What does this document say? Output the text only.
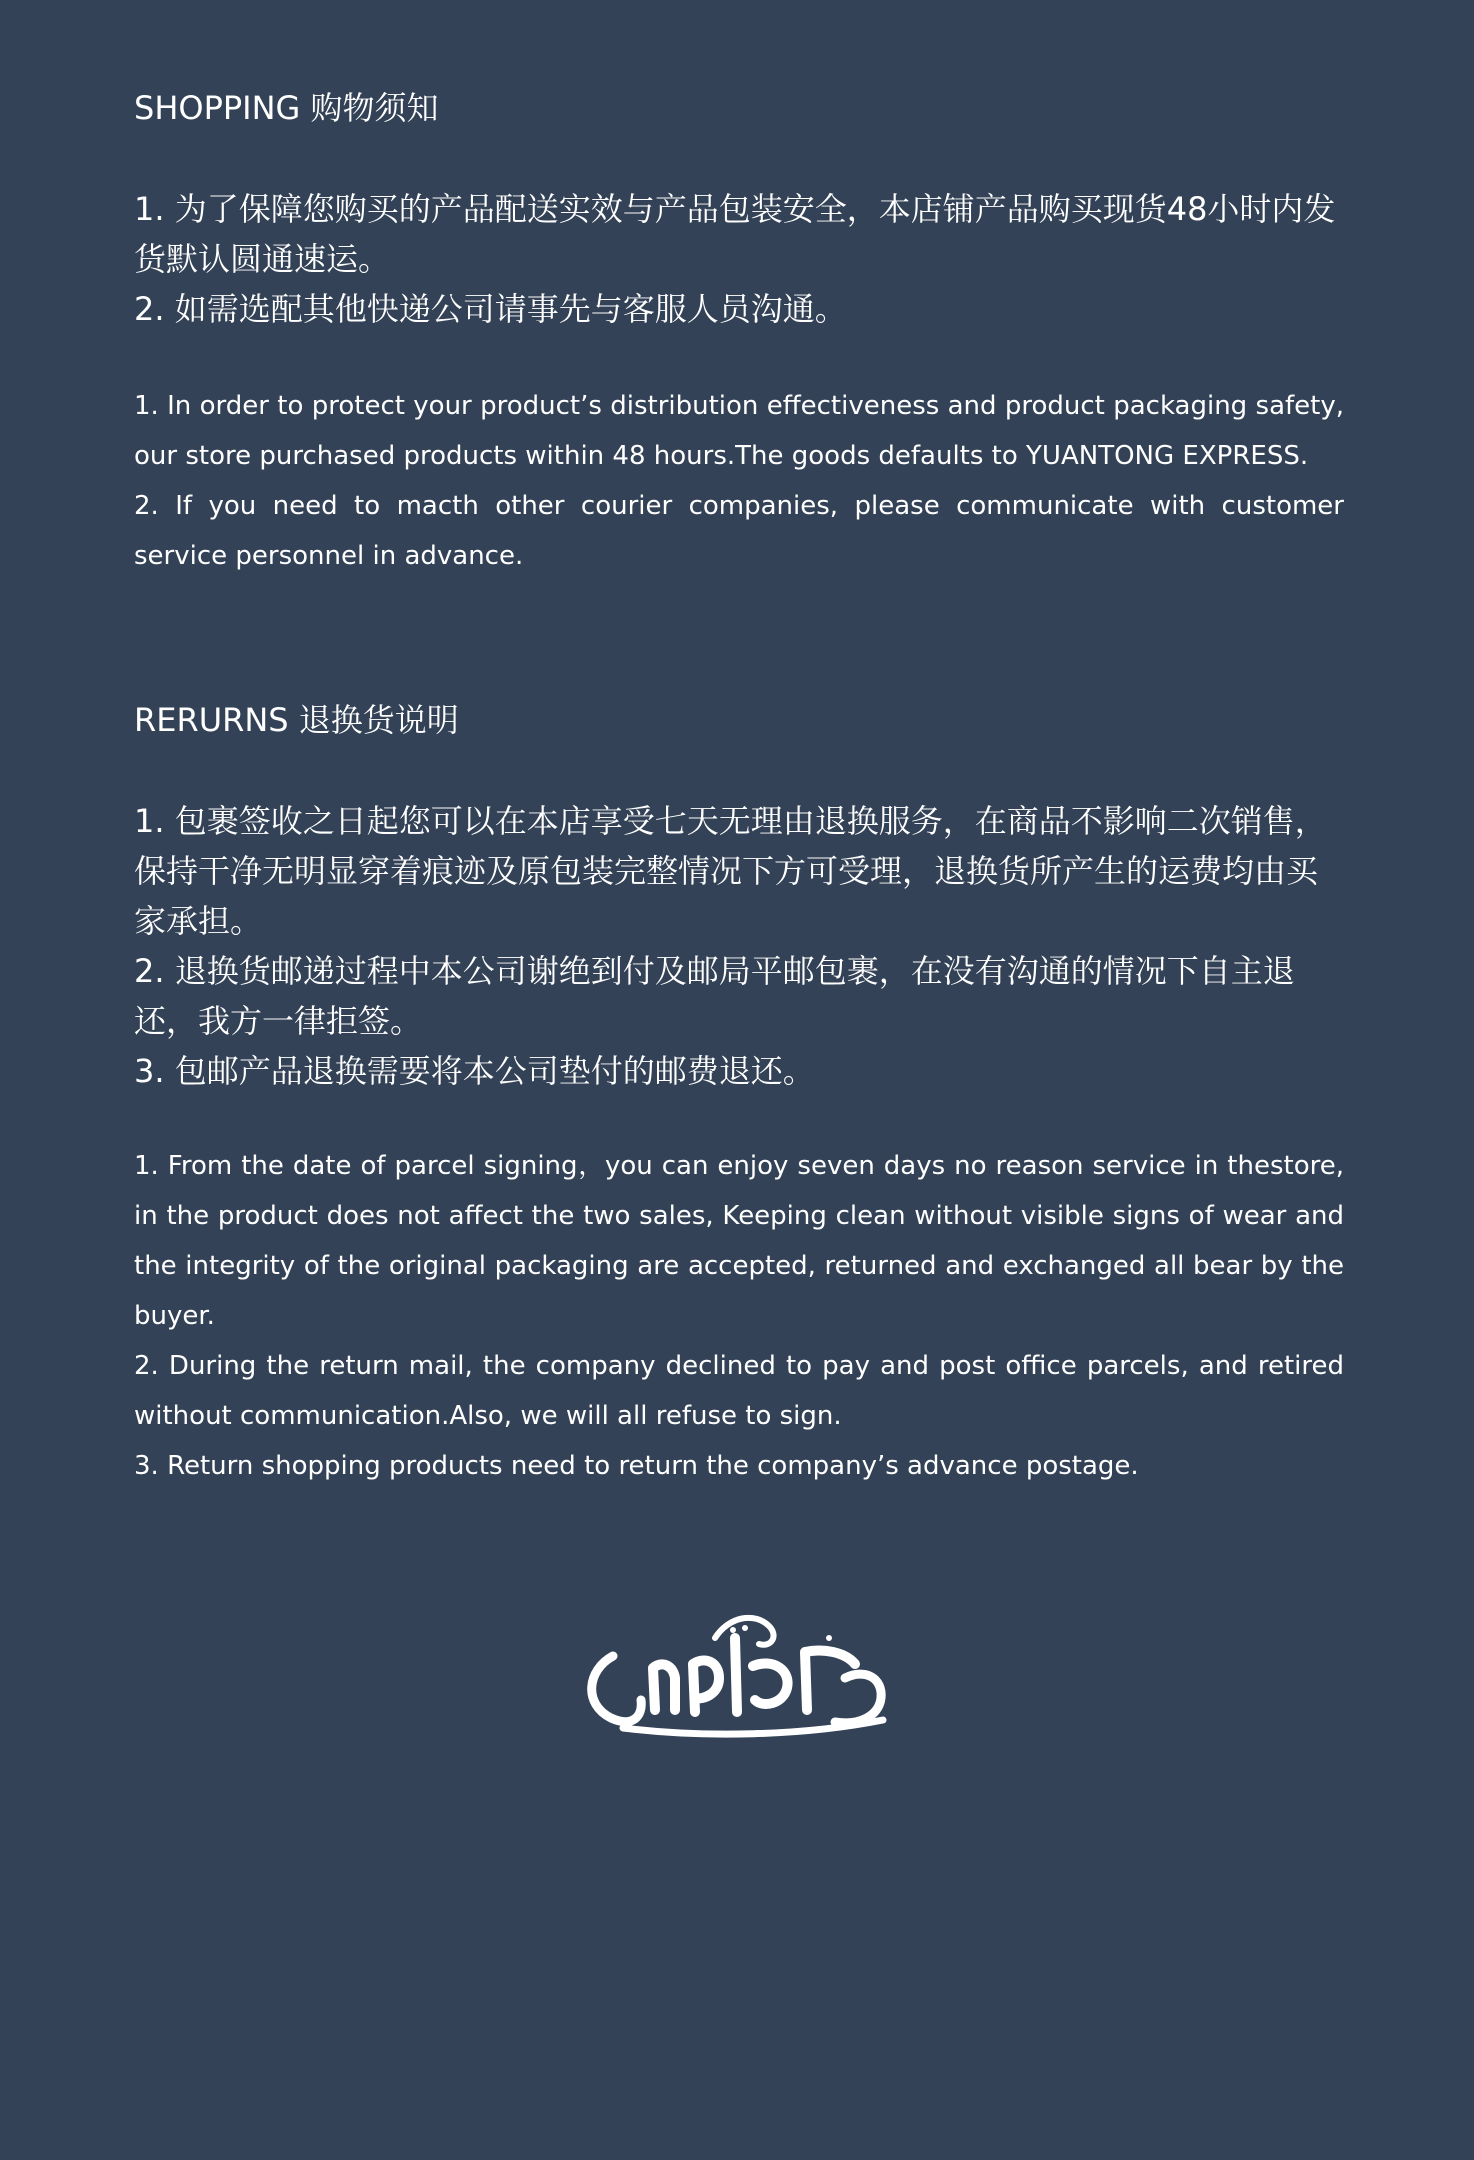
SHOPPING 购物须知

1. 为了保障您购买的产品配送实效与产品包装安全，本店铺产品购买现货48小时内发货默认圆通速运。

2. 如需选配其他快递公司请事先与客服人员沟通。

1. In order to protect your product’s distribution effectiveness and product packaging safety, our store purchased products within 48 hours.The goods defaults to YUANTONG EXPRESS.

2. If you need to macth other courier companies, please communicate with customer service personnel in advance.

RERURNS 退换货说明

1. 包裹签收之日起您可以在本店享受七天无理由退换服务，在商品不影响二次销售，保持干净无明显穿着痕迹及原包装完整情况下方可受理，退换货所产生的运费均由买家承担。

2. 退换货邮递过程中本公司谢绝到付及邮局平邮包裹，在没有沟通的情况下自主退还，我方一律拒签。

3. 包邮产品退换需要将本公司垫付的邮费退还。

1. From the date of parcel signing，you can enjoy seven days no reason service in thestore, in the product does not affect the two sales, Keeping clean without visible signs of wear and the integrity of the original packaging are accepted, returned and exchanged all bear by the buyer.

2. During the return mail, the company declined to pay and post office parcels, and retired without communication.Also, we will all refuse to sign.

3. Return shopping products need to return the company’s advance postage.
